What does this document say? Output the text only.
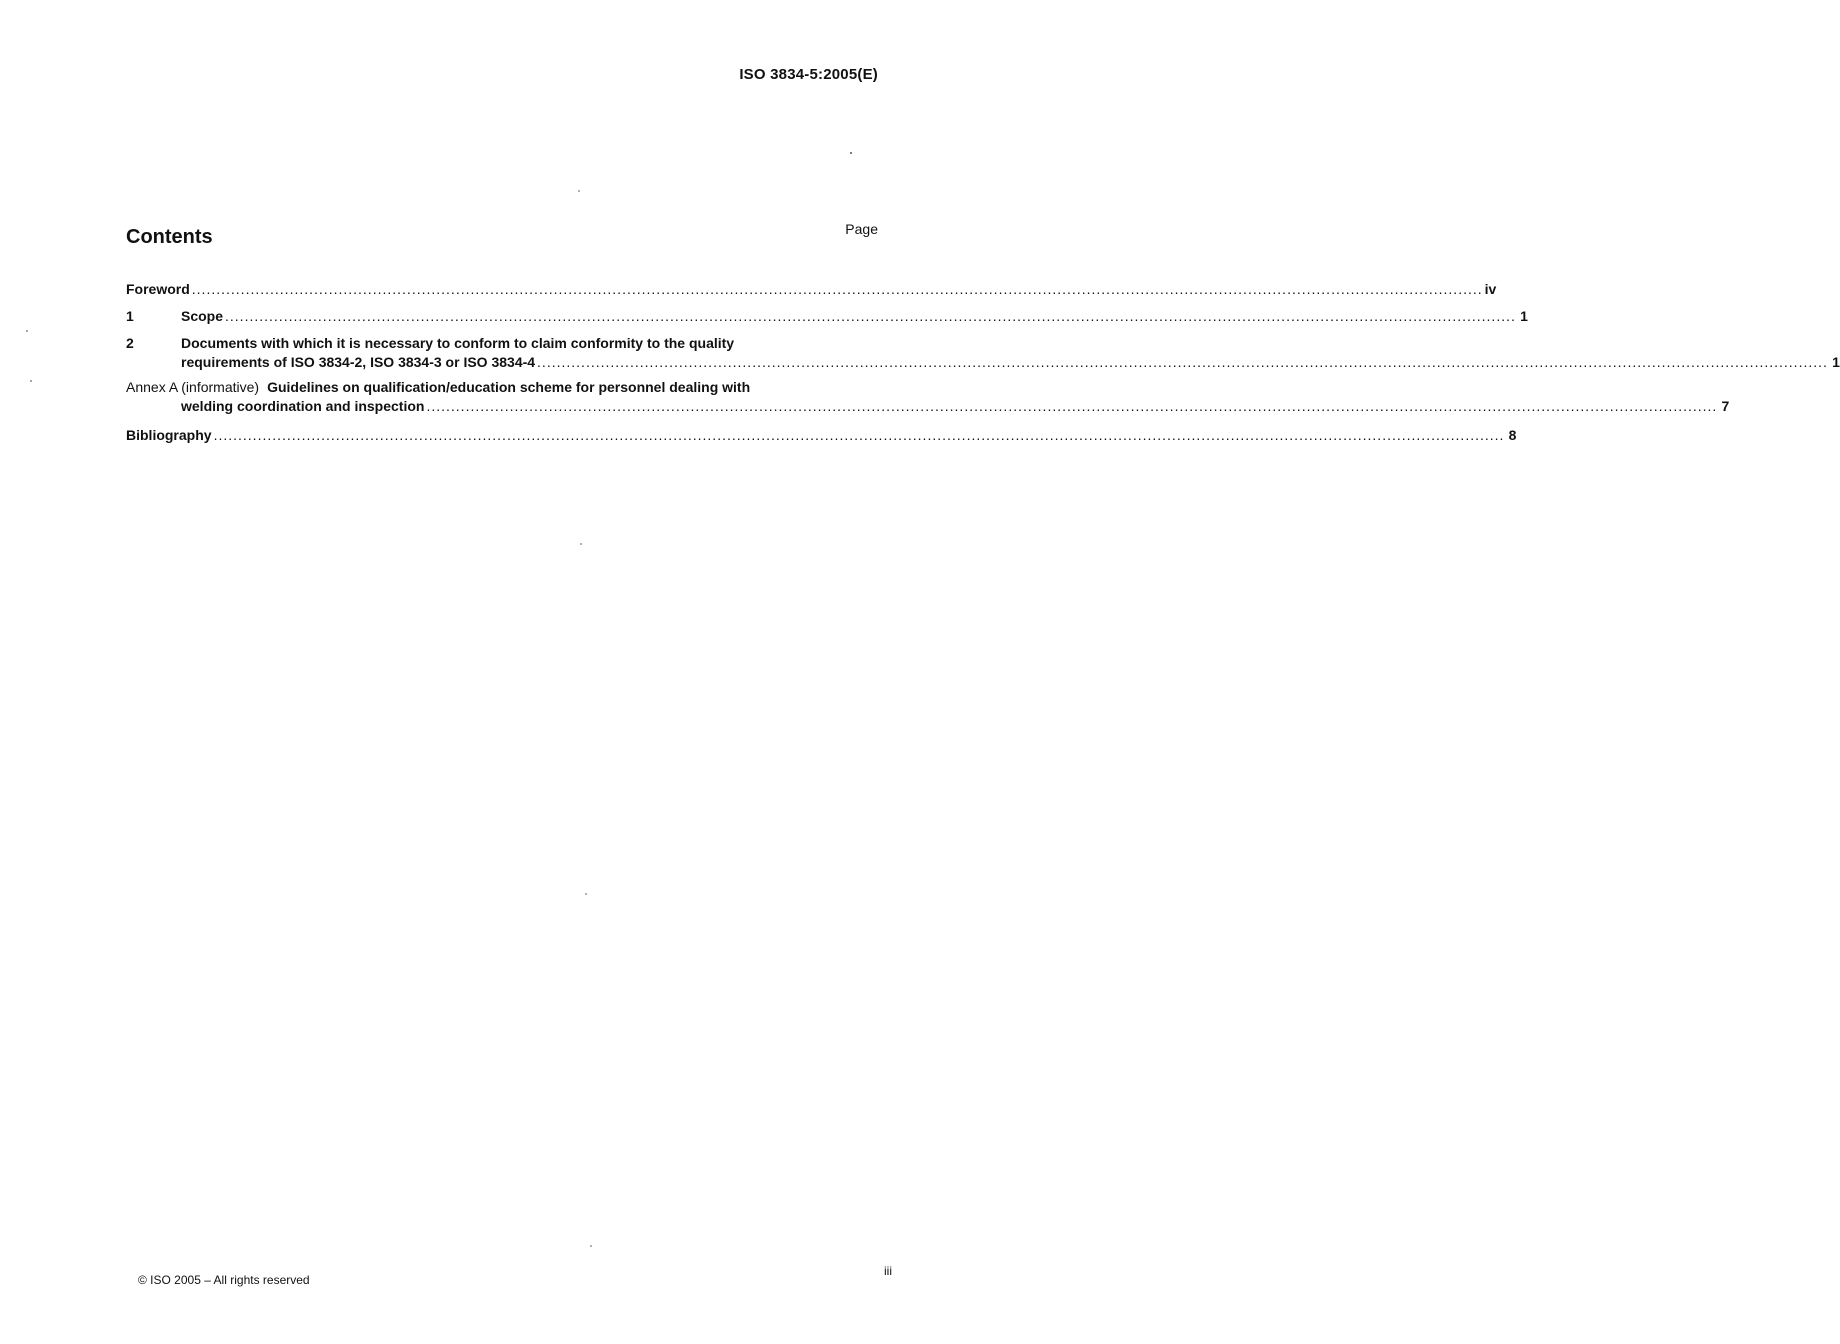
ISO 3834-5:2005(E)
Contents	Page
Foreword ........................................................................................................................................................................................................................................................................ iv
1	Scope ........................................................................................................................................................................................................................................................................ 1
2	Documents with which it is necessary to conform to claim conformity to the quality
requirements of ISO 3834-2, ISO 3834-3 or ISO 3834-4 ........................................................................................................................................................................................................................................................................ 1
Annex A (informative) Guidelines on qualification/education scheme for personnel dealing with
welding coordination and inspection ........................................................................................................................................................................................................................................................................ 7
Bibliography ........................................................................................................................................................................................................................................................................ 8
© ISO 2005 – All rights reserved
iii
